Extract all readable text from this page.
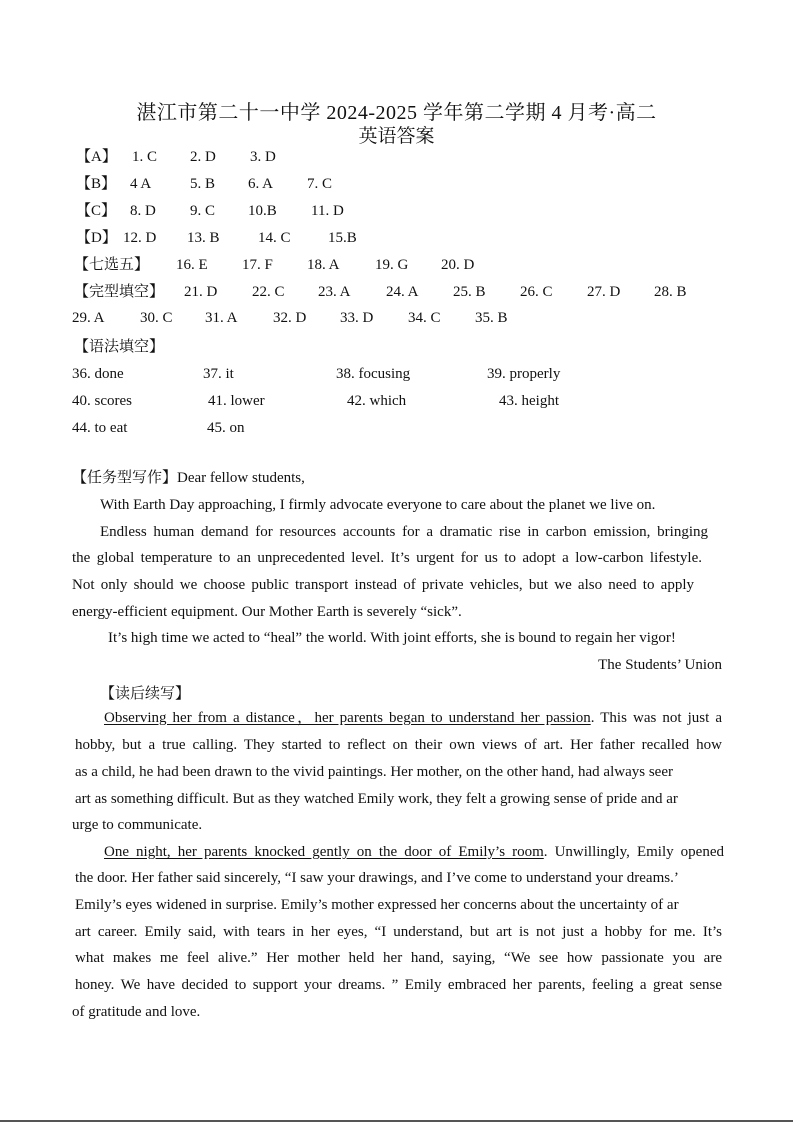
湛江市第二十一中学 2024-2025 学年第二学期 4 月考·高二
英语答案
【A】 1. C 2. D 3. D
【B】 4 A	5. B 6. A 7. C
【C】 8. D 9. C 10.B 11. D
【D】 12. D 13. B	14. C 15.B
【七选五】 16. E 17. F 18. A 19. G 20. D
【完型填空】 21. D 22. C 23. A 24. A 25. B 26. C 27. D 28. B
29. A 30. C 31. A 32. D 33. D 34. C 35. B
【语法填空】
36. done	37. it	38. focusing	39. properly
40. scores	41. lower	42. which	43. height
44. to eat	45. on
【任务型写作】Dear fellow students,
With Earth Day approaching, I firmly advocate everyone to care about the planet we live on.
Endless human demand for resources accounts for a dramatic rise in carbon emission, bringing
the global temperature to an unprecedented level. It’s urgent for us to adopt a low-carbon lifestyle.
Not only should we choose public transport instead of private vehicles, but we also need to apply
energy-efficient equipment. Our Mother Earth is severely “sick”.
It’s high time we acted to “heal” the world. With joint efforts, she is bound to regain her vigor!
The Students’ Union
【读后续写】
Observing her from a distance，her parents began to understand her passion. This was not just a
hobby, but a true calling. They started to reflect on their own views of art. Her father recalled how
as a child, he had been drawn to the vivid paintings. Her mother, on the other hand, had always seer
art as something difficult. But as they watched Emily work, they felt a growing sense of pride and ar
urge to communicate.
One night, her parents knocked gently on the door of Emily’s room. Unwillingly, Emily opened
the door. Her father said sincerely, “I saw your drawings, and I’ve come to understand your dreams.’
Emily’s eyes widened in surprise. Emily’s mother expressed her concerns about the uncertainty of ar
art career. Emily said, with tears in her eyes, “I understand, but art is not just a hobby for me. It’s
what makes me feel alive.” Her mother held her hand, saying, “We see how passionate you are
honey. We have decided to support your dreams. ” Emily embraced her parents, feeling a great sense
of gratitude and love.
